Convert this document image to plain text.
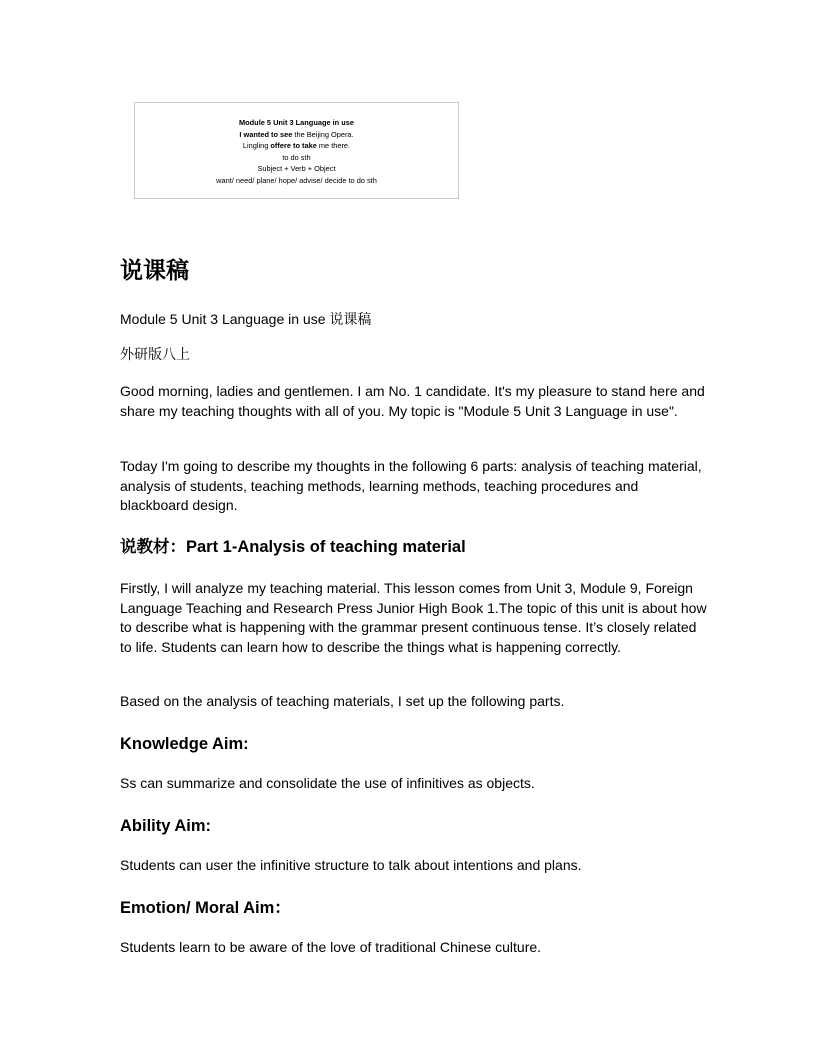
Module 5 Unit 3 Language in use
I wanted to see the Beijing Opera.
Lingling offere to take me there.
to do sth
Subject + Verb + Object
want/ need/ plane/ hope/ advise/ decide to do sth
说课稿

Module 5 Unit 3 Language in use 说课稿

外研版八上

Good morning, ladies and gentlemen. I am No. 1 candidate. It's my pleasure to stand here and share my teaching thoughts with all of you. My topic is "Module 5 Unit 3 Language in use".

Today I'm going to describe my thoughts in the following 6 parts: analysis of teaching material, analysis of students, teaching methods, learning methods, teaching procedures and blackboard design.

说教材：Part 1-Analysis of teaching material

Firstly, I will analyze my teaching material. This lesson comes from Unit 3, Module 9, Foreign Language Teaching and Research Press Junior High Book 1.The topic of this unit is about how to describe what is happening with the grammar present continuous tense. It’s closely related to life. Students can learn how to describe the things what is happening correctly.

Based on the analysis of teaching materials, I set up the following parts.

Knowledge Aim:

Ss can summarize and consolidate the use of infinitives as objects.

Ability Aim:

Students can user the infinitive structure to talk about intentions and plans.

Emotion/ Moral Aim：

Students learn to be aware of the love of traditional Chinese culture.
